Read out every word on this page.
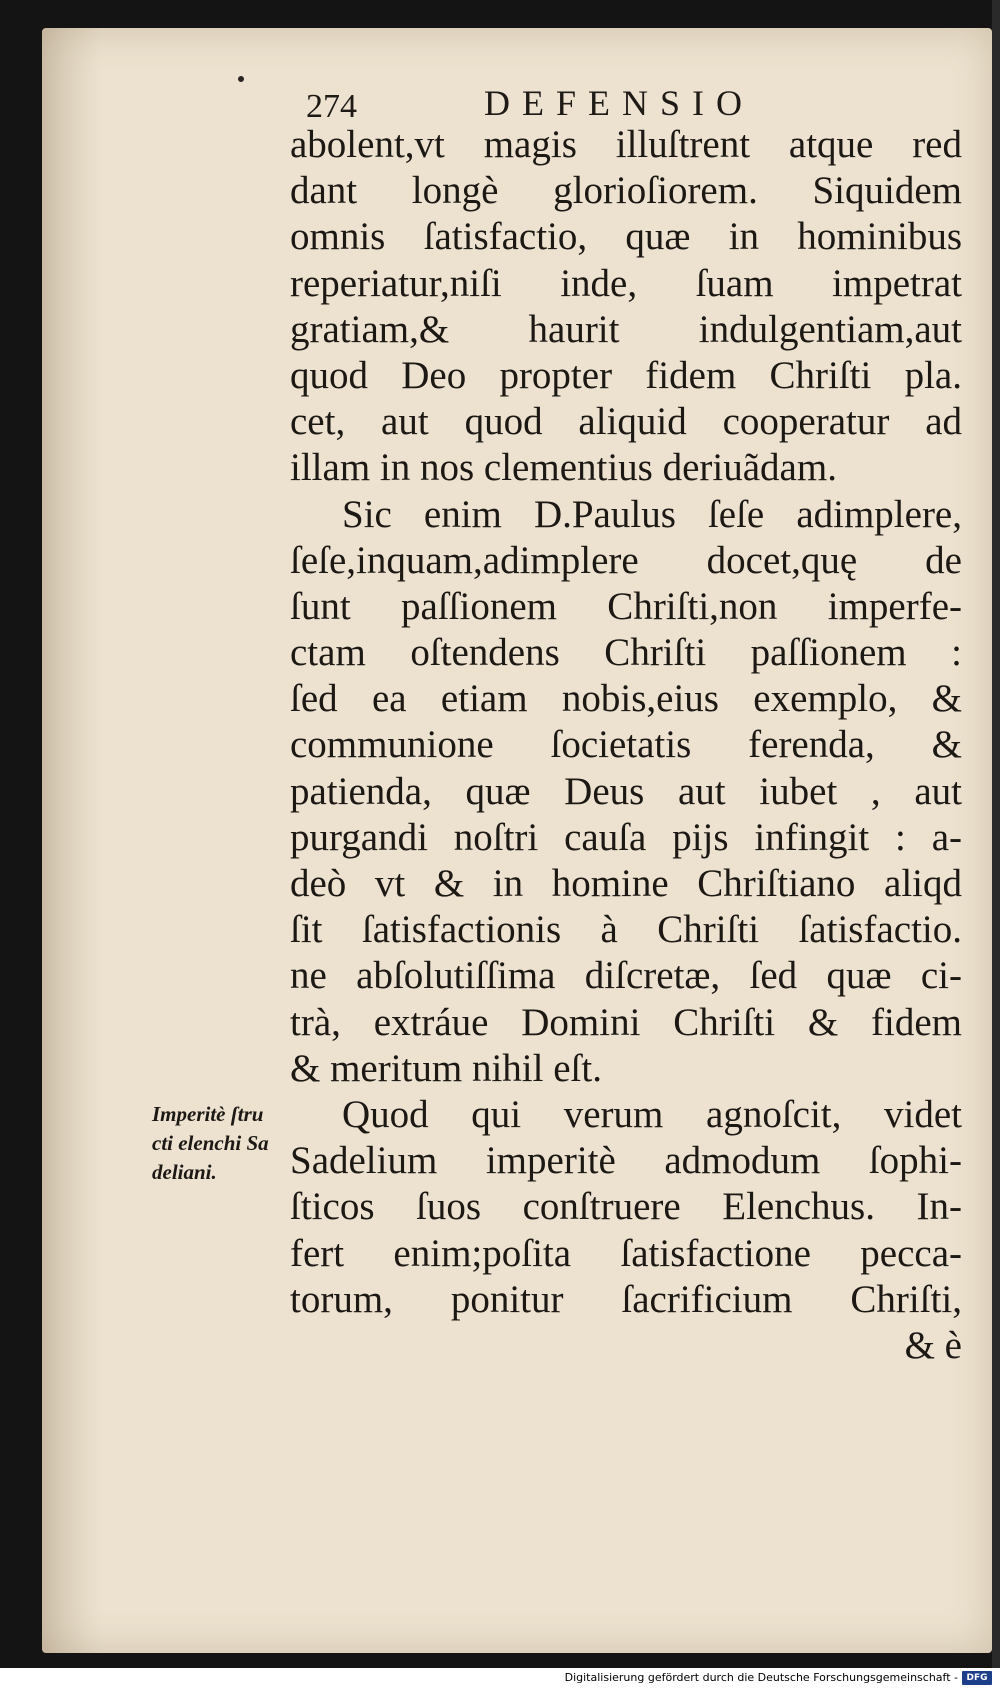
274	DEFENSIO
abolent,vt magis illuſtrent atque red
dant longè glorioſiorem. Siquidem
omnis ſatisfactio, quæ in hominibus
reperiatur,niſi inde, ſuam impetrat
gratiam,& haurit indulgentiam,aut
quod Deo propter fidem Chriſti pla.
cet, aut quod aliquid cooperatur ad
illam in nos clementius deriuãdam.
Sic enim D.Paulus ſeſe adimplere,
ſeſe,inquam,adimplere docet,quę de
ſunt paſſionem Chriſti,non imperfe-
ctam oſtendens Chriſti paſſionem :
ſed ea etiam nobis,eius exemplo, &
communione ſocietatis ferenda, &
patienda, quæ Deus aut iubet , aut
purgandi noſtri cauſa pijs infingit : a-
deò vt & in homine Chriſtiano aliqd
ſit ſatisfactionis à Chriſti ſatisfactio.
ne abſolutiſſima diſcretæ, ſed quæ ci-
trà, extráue Domini Chriſti & fidem
& meritum nihil eſt.
Quod qui verum agnoſcit, videt
Sadelium imperitè admodum ſophi-
ſticos ſuos conſtruere Elenchus. In-
fert enim;poſita ſatisfactione pecca-
torum, ponitur ſacrificium Chriſti,
& è
Imperitè ſtru
cti elenchi Sa
deliani.
Digitalisierung gefördert durch die Deutsche Forschungsgemeinschaft - DFG
